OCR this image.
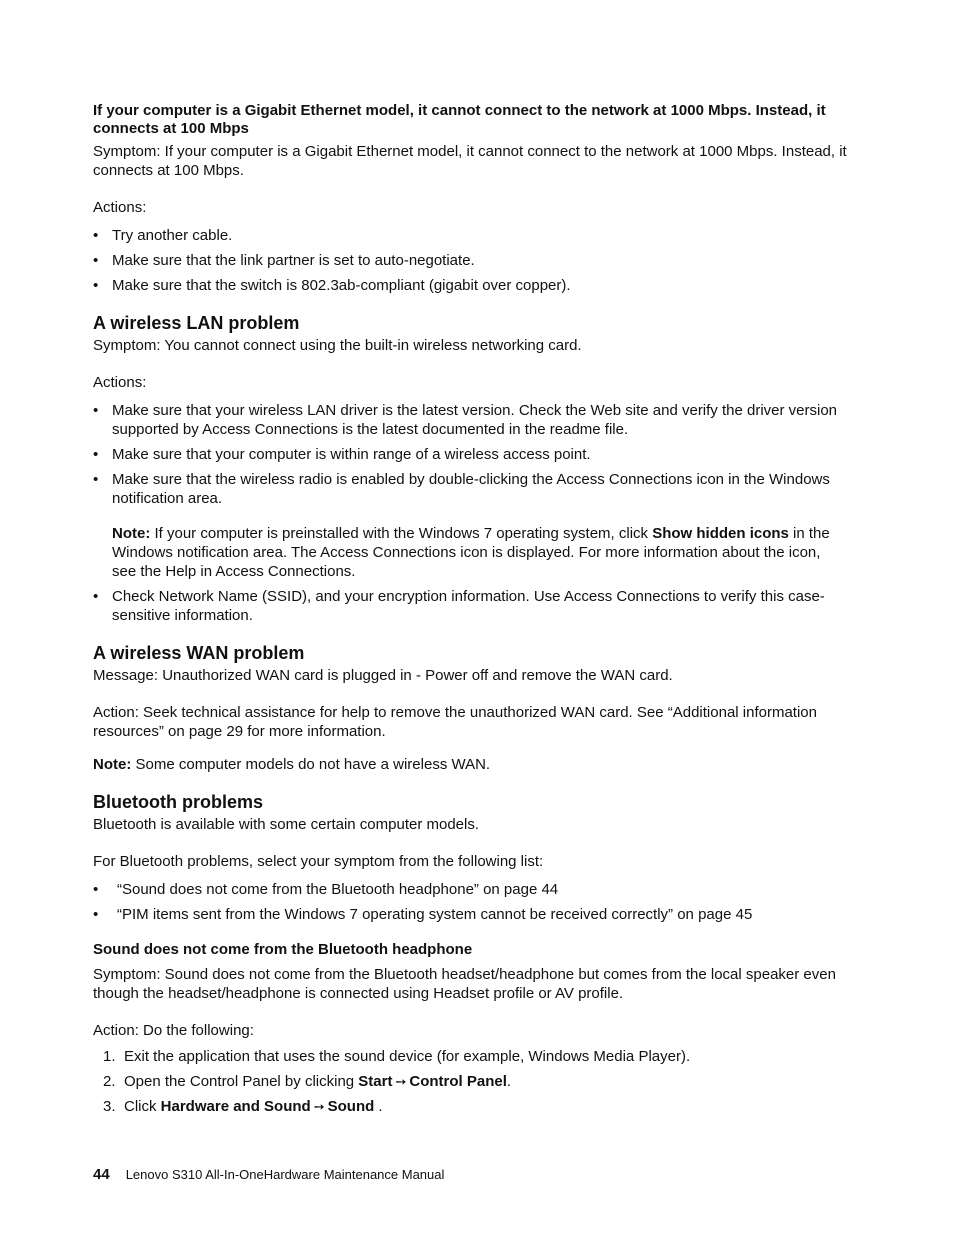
If your computer is a Gigabit Ethernet model, it cannot connect to the network at 1000 Mbps. Instead, it connects at 100 Mbps

Symptom: If your computer is a Gigabit Ethernet model, it cannot connect to the network at 1000 Mbps. Instead, it connects at 100 Mbps.

Actions:

• Try another cable.
• Make sure that the link partner is set to auto-negotiate.
• Make sure that the switch is 802.3ab-compliant (gigabit over copper).

A wireless LAN problem

Symptom: You cannot connect using the built-in wireless networking card.

Actions:

• Make sure that your wireless LAN driver is the latest version. Check the Web site and verify the driver version supported by Access Connections is the latest documented in the readme file.
• Make sure that your computer is within range of a wireless access point.
• Make sure that the wireless radio is enabled by double-clicking the Access Connections icon in the Windows notification area.

Note: If your computer is preinstalled with the Windows 7 operating system, click Show hidden icons in the Windows notification area. The Access Connections icon is displayed. For more information about the icon, see the Help in Access Connections.

• Check Network Name (SSID), and your encryption information. Use Access Connections to verify this case-sensitive information.

A wireless WAN problem

Message: Unauthorized WAN card is plugged in - Power off and remove the WAN card.

Action: Seek technical assistance for help to remove the unauthorized WAN card. See “Additional information resources” on page 29 for more information.

Note: Some computer models do not have a wireless WAN.

Bluetooth problems

Bluetooth is available with some certain computer models.

For Bluetooth problems, select your symptom from the following list:

• “Sound does not come from the Bluetooth headphone” on page 44
• “PIM items sent from the Windows 7 operating system cannot be received correctly” on page 45

Sound does not come from the Bluetooth headphone

Symptom: Sound does not come from the Bluetooth headset/headphone but comes from the local speaker even though the headset/headphone is connected using Headset profile or AV profile.

Action: Do the following:

1. Exit the application that uses the sound device (for example, Windows Media Player).
2. Open the Control Panel by clicking Start ➙ Control Panel.
3. Click Hardware and Sound ➙ Sound .
44 Lenovo S310 All-In-OneHardware Maintenance Manual
